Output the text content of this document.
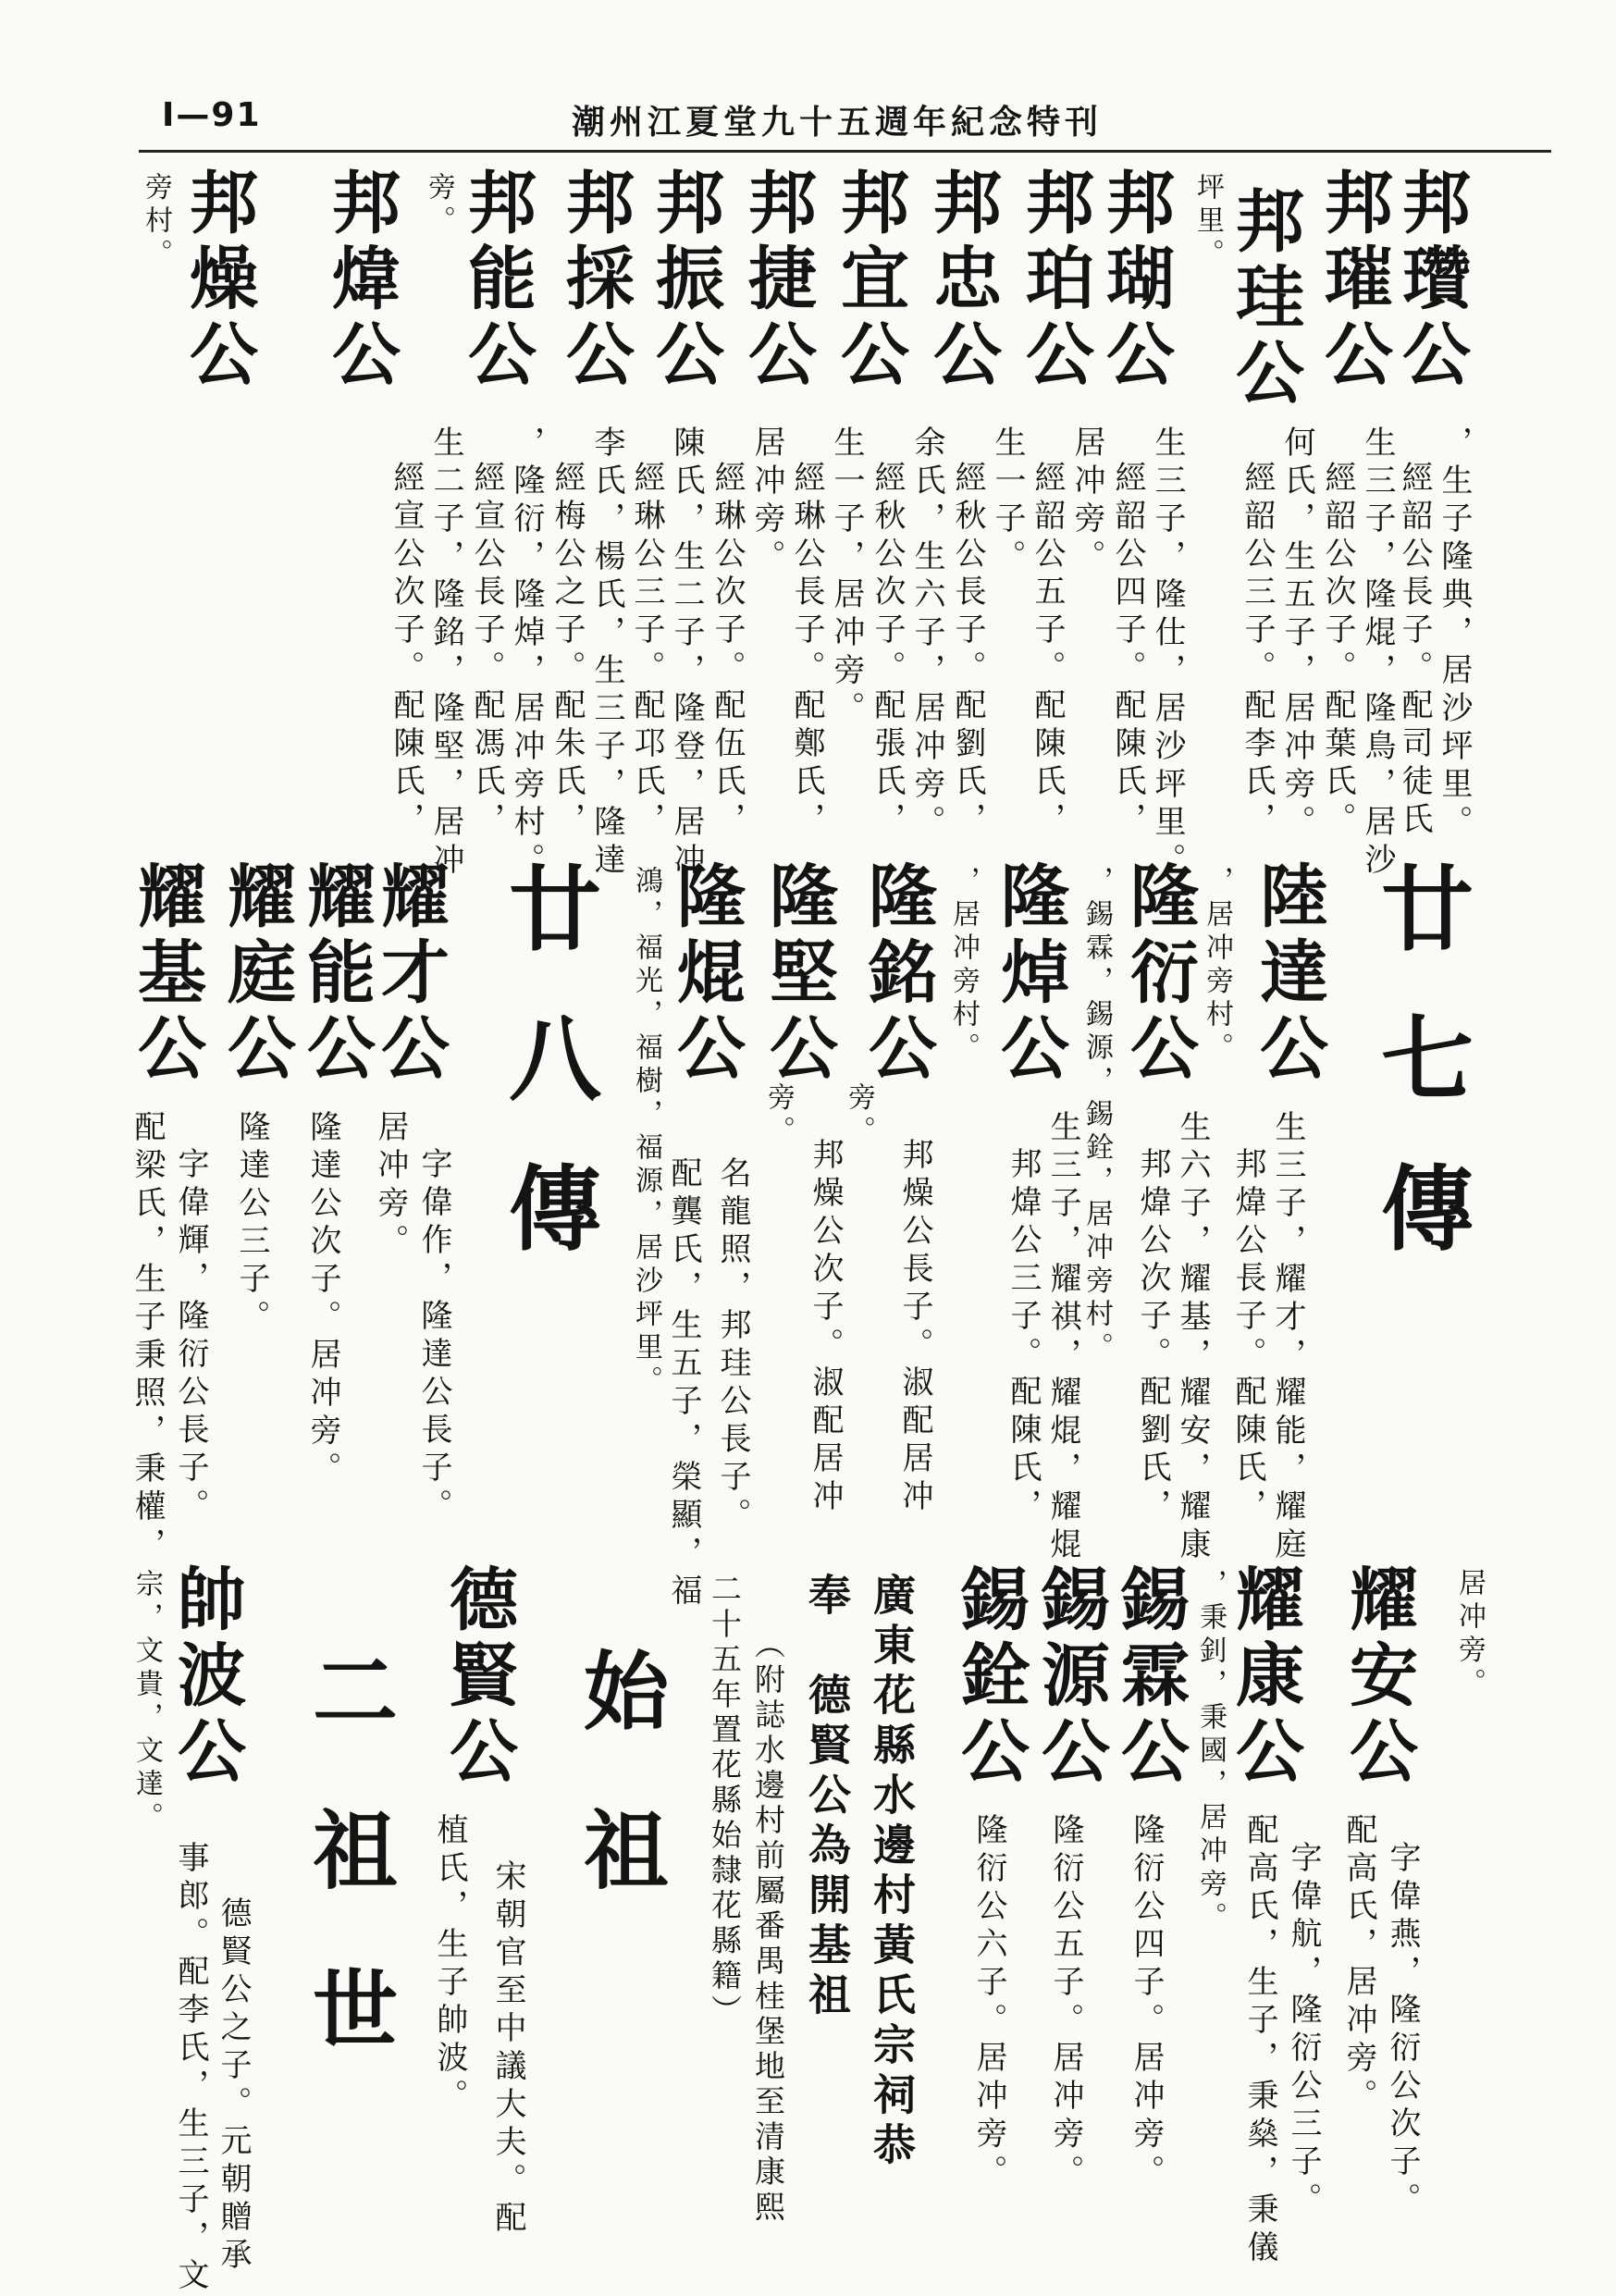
I—91	潮州江夏堂九十五週年紀念特刊
邦瓚公
，生子隆典，居沙坪里。
經韶公長子。配司徒氏
邦璀公
生三子，隆焜，隆鳥，居沙
經韶公次子。配葉氏。
坪里。 邦珪公
何氏，生五子，居冲旁。
經韶公三子。配李氏，
邦瑚公
生三子，隆仕，居沙坪里。
經韶公四子。配陳氏，
邦珀公
居冲旁。
經韶公五子。配陳氏，
邦忠公
生一子。
經秋公長子。配劉氏，
邦宜公
余氏，生六子，居冲旁。
經秋公次子。配張氏，
邦捷公
生一子，居冲旁。
經琳公長子。配鄭氏，
邦振公
居冲旁。
經琳公次子。配伍氏，
邦採公
陳氏，生二子，隆登，居冲
經琳公三子。配邛氏，
邦能公
李氏，楊氏，生三子，隆達
經梅公之子。配朱氏，
旁。
邦煒公
，隆衍，隆焯，居冲旁村。
經宣公長子。配馮氏，
邦燥公
生二子，隆銘，隆堅，居冲
經宣公次子。配陳氏，
旁村。
廿七傳
陸達公
生三子，耀才，耀能，耀庭
邦煒公長子。配陳氏，
，居冲旁村。
隆衍公
生六子，耀基，耀安，耀康
邦煒公次子。配劉氏，
，錫霖，錫源，錫銓，居冲旁村。
隆焯公
生三子，耀祺，耀焜，耀焜
邦煒公三子。配陳氏，
，居冲旁村。
隆銘公
邦燥公長子。淑配居冲
旁。
隆堅公
邦燥公次子。淑配居冲
旁。
隆焜公
配龔氏，生五子，榮顯，福 名龍照，邦珪公長子。
鴻，福光，福樹，福源，居沙坪里。
廿八傳
耀才公
居冲旁。 字偉作，隆達公長子。
耀能公
隆達公次子。居冲旁。
耀庭公
隆達公三子。
耀基公
配梁氏，生子秉照，秉權， 字偉輝，隆衍公長子。
居冲旁。
耀安公
配高氏，居冲旁。 字偉燕，隆衍公次子。
耀康公
配高氏，生子，秉燊，秉儀 字偉航，隆衍公三子。
，秉釗，秉國，居冲旁。
錫霖公
隆衍公四子。居冲旁。
錫源公
隆衍公五子。居冲旁。
錫銓公
隆衍公六子。居冲旁。
廣東花縣水邊村黃氏宗祠恭
奉　德賢公為開基祖
（附誌水邊村前屬番禺桂堡地至清康熙
二十五年置花縣始隸花縣籍）
始祖
德賢公
植氏，生子帥波。 宋朝官至中議大夫。配
二祖世
帥波公
事郎。配李氏，生三子，文 德賢公之子。元朝贈承
宗，文貴，文達。
